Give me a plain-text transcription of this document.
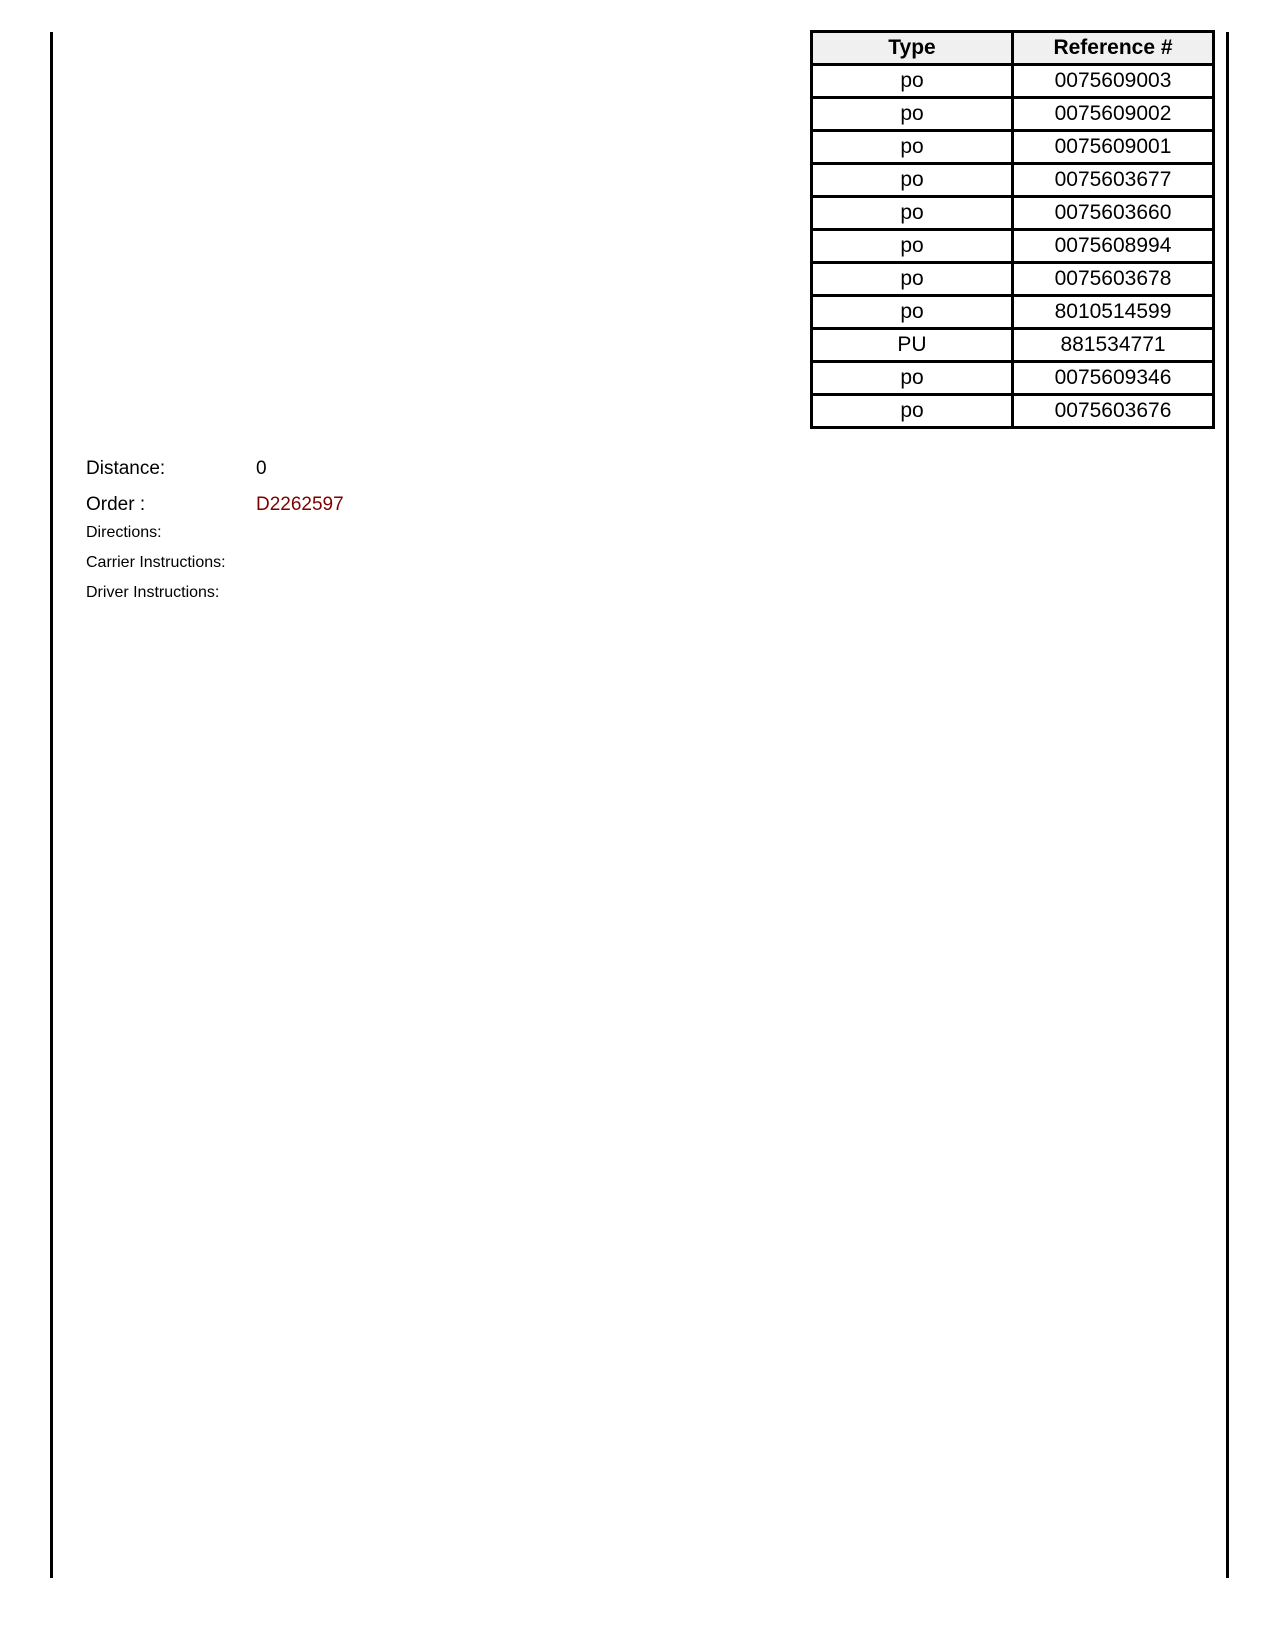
Type	Reference #
po	0075609003
po	0075609002
po	0075609001
po	0075603677
po	0075603660
po	0075608994
po	0075603678
po	8010514599
PU	881534771
po	0075609346
po	0075603676
Distance:	0
Order :	D2262597
Directions:
Carrier Instructions:
Driver Instructions:
